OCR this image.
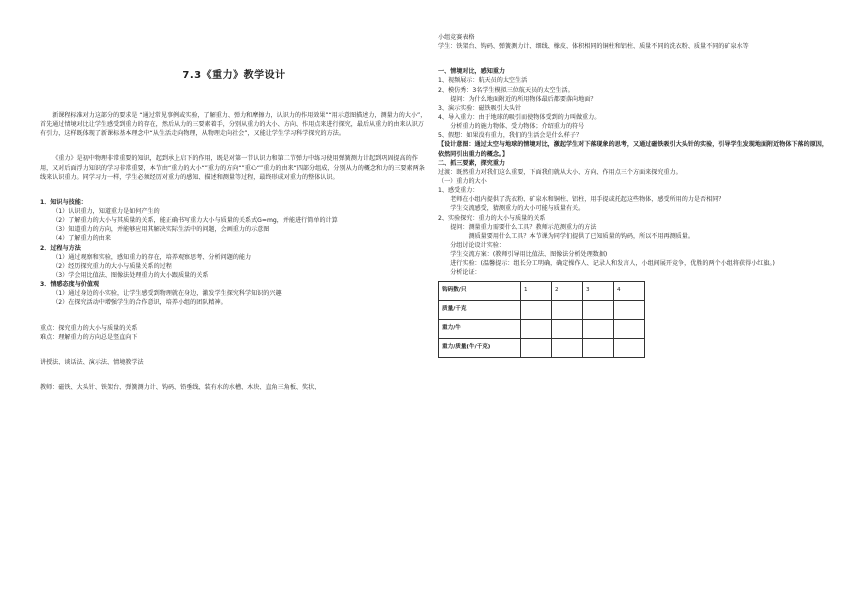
7.3《重力》教学设计

新课程标准对力这部分的要求是 “通过常见事例或实验，了解重力、弹力和摩擦力，认识力的作用效果”“用示意图描述力，测量力的大小”，首先通过情境对比让学生感受到重力的存在，然后从力的三要素着手，分别从重力的大小、方向、作用点来进行探究，最后从重力的由来认识万有引力，这样既体现了新课标基本理念中“从生活走向物理，从物理走向社会”，又能让学生学习科学探究的方法。

《重力》是初中物理非常重要的知识，起到承上启下的作用，既是对第一节认识力和第二节弹力中练习使用弹簧测力计起到巩固提高的作用，又对后面浮力知识的学习非常重要，本节由“重力的大小“”重力的方向“”重心“”重力的由来“四部分组成，分别从力的概念和力的三要素两条线来认识重力。同学习力一样，学生必须经历对重力的感知、描述和测量等过程，最终形成对重力的整体认识。

1．知识与技能：

（1）认识重力，知道重力是如何产生的

（2）了解重力的大小与其质量的关系，能正确书写重力大小与质量的关系式G=mg，并能进行简单的计算

（3）知道重力的方向，并能够应用其解决实际生活中的问题，会画重力的示意图

（4）了解重力的由来

2．过程与方法

（1）通过观察和实验，感知重力的存在，培养观察思考、分析问题的能力

（2）经历探究重力的大小与质量关系的过程

（3）学会用比值法、图像法处理重力的大小跟质量的关系

3．情感态度与价值观

（1）通过身边的小实验，让学生感受到物理就在身边，激发学生探究科学知识的兴趣

（2）在探究活动中增强学生的合作意识，培养小组的团队精神。

重点：探究重力的大小与质量的关系

难点：理解重力的方向总是竖直向下

讲授法、谈话法、演示法、情境教学法

教师：磁铁、大头针、铁架台、弹簧测力计、钩码、铅垂线、装有水的水槽、木块、直角三角板、奖状、

小组竞赛表格

学生：铁架台、钩码、弹簧测力计、细线、橡皮、体积相同的铜柱和铝柱、质量不同的洗衣粉、质量不同的矿泉水等

一、情境对比，感知重力

1、视频展示：航天员的太空生活

2、模仿秀：3名学生模拟三位航天员的太空生活。

提问：为什么地面附近的所用物体最后都要落向地面？

3、演示实验：磁铁吸引大头针

4、导入重力：由于地球的吸引而使物体受到的力叫做重力。

分析重力的施力物体、受力物体；介绍重力的符号

5、假想：如果没有重力，我们的生活会是什么样子？

【设计意图：通过太空与地球的情境对比，激起学生对下落现象的思考，又通过磁铁吸引大头针的实验，引导学生发现地面附近物体下落的原因，依然同引出重力的概念。】

二、抓三要素，探究重力

过渡：既然重力对我们这么重要，下面我们就从大小、方向、作用点三个方面来探究重力。

（一）重力的大小

1、感受重力：

老师在小组内提供了洗衣粉、矿泉水和铜柱、铝柱，用手提或托起这些物体，感受所用的力是否相同？

学生交流感受，猜测重力的大小可能与质量有关。

2、实验探究：重力的大小与质量的关系

提问：测量重力需要什么工具？教师示范测重力的方法

测质量要用什么工具？本节课为同学们提供了已知质量的钩码，所以不用再测质量。

分组讨论设计实验：

学生交流方案：(教师引导用比值法、图像法分析处理数据)

进行实验：(温馨提示：组长分工明确，确定操作人、记录人和发言人，小组间展开竞争，优胜的两个小组将获得小红旗。)

分析论证：

钩码数/只	1	2	3	4
质量/千克				
重力/牛				
重力/质量(牛/千克)				
